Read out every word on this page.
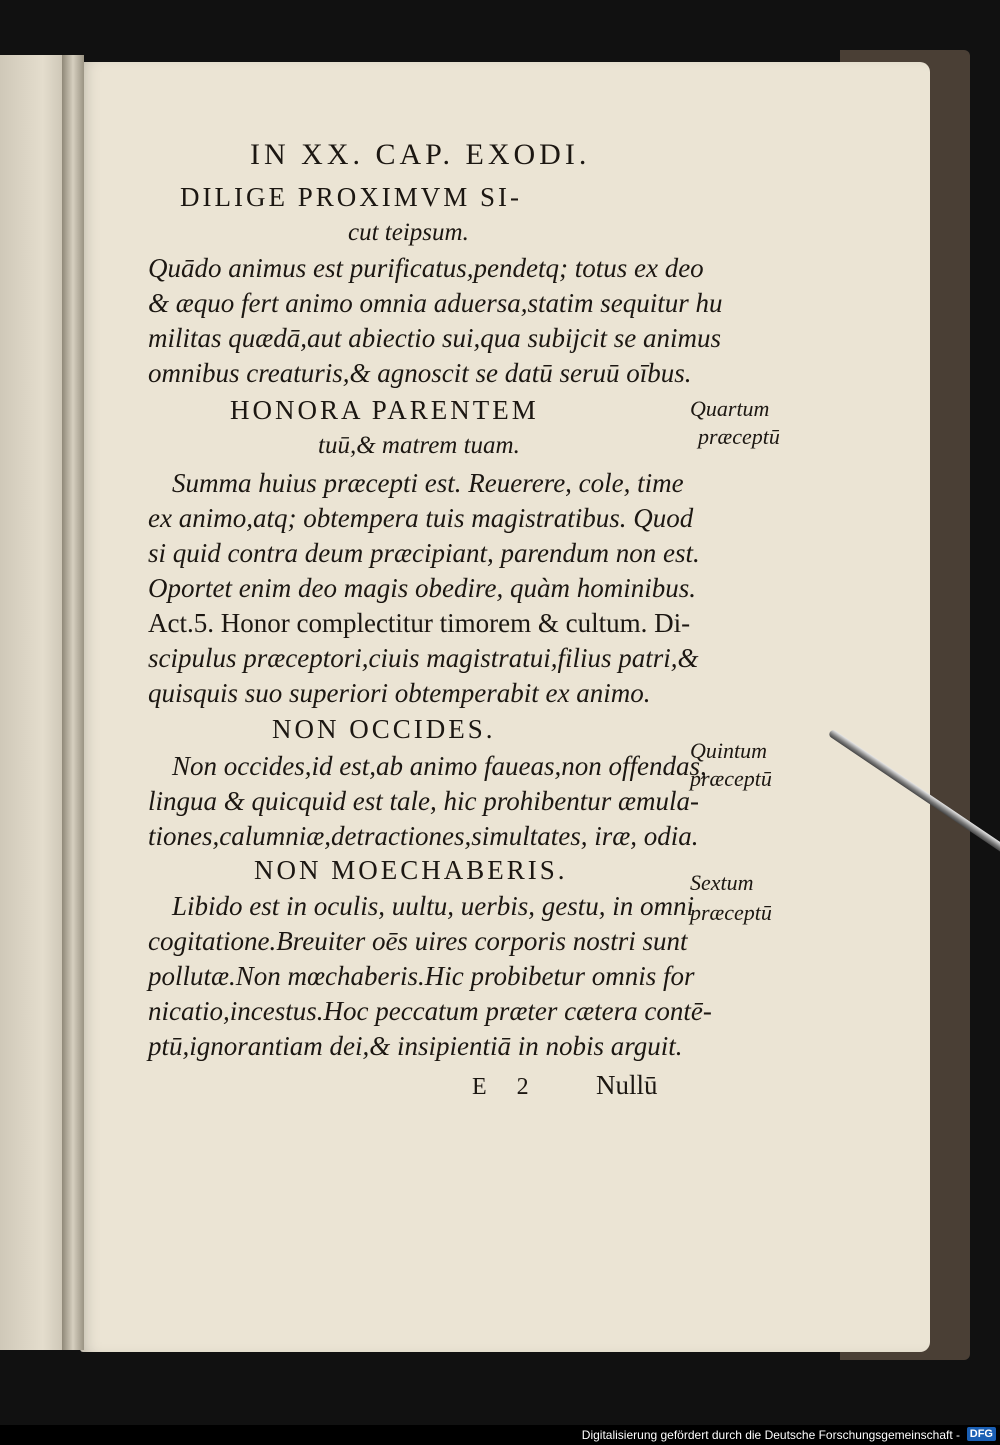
IN XX. CAP. EXODI.
DILIGE PROXIMVM SI-
cut teipsum.
Quādo animus est purificatus,pendetq; totus ex deo
& æquo fert animo omnia aduersa,statim sequitur hu
militas quædā,aut abiectio sui,qua subijcit se animus
omnibus creaturis,& agnoscit se datū seruū oībus.
HONORA PARENTEM
tuū,& matrem tuam.
Summa huius præcepti est. Reuerere, cole, time
ex animo,atq; obtempera tuis magistratibus. Quod
si quid contra deum præcipiant, parendum non est.
Oportet enim deo magis obedire, quàm hominibus.
Act.5. Honor complectitur timorem & cultum. Di-
scipulus præceptori,ciuis magistratui,filius patri,&
quisquis suo superiori obtemperabit ex animo.
NON OCCIDES.
Non occides,id est,ab animo faueas,non offendas,
lingua & quicquid est tale, hic prohibentur æmula-
tiones,calumniæ,detractiones,simultates, iræ, odia.
NON MOECHABERIS.
Libido est in oculis, uultu, uerbis, gestu, in omni
cogitatione.Breuiter oēs uires corporis nostri sunt
pollutæ.Non mœchaberis.Hic probibetur omnis for
nicatio,incestus.Hoc peccatum præter cætera contē-
ptū,ignorantiam dei,& insipientiā in nobis arguit.
E 2 Nullū
Quartum
præceptū
Quintum
præceptū
Sextum
præceptū
Digitalisierung gefördert durch die Deutsche Forschungsgemeinschaft - DFG
